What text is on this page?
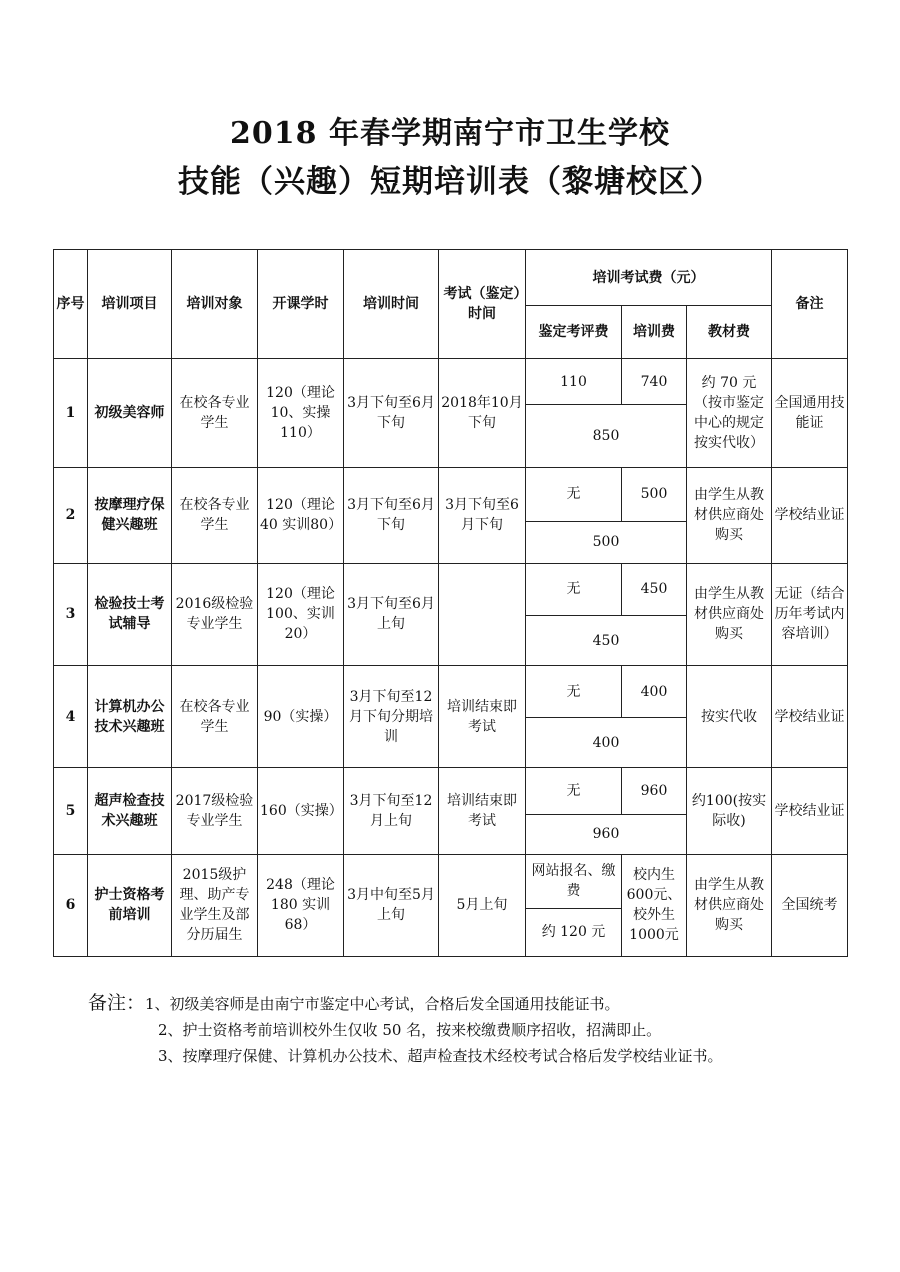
2018 年春学期南宁市卫生学校
技能（兴趣）短期培训表（黎塘校区）
序号	培训项目	培训对象	开课学时	培训时间	考试（鉴定）时间	培训考试费（元）			备注
						鉴定考评费	培训费	教材费	
1	初级美容师	在校各专业学生	120（理论10、实操110）	3月下旬至6月下旬	2018年10月下旬	110	740	约 70 元（按市鉴定中心的规定按实代收）	全国通用技能证
						850			
2	按摩理疗保健兴趣班	在校各专业学生	120（理论40 实训80）	3月下旬至6月下旬	3月下旬至6月下旬	无	500	由学生从教材供应商处购买	学校结业证
						500			
3	检验技士考试辅导	2016级检验专业学生	120（理论100、实训20）	3月下旬至6月上旬		无	450	由学生从教材供应商处购买	无证（结合历年考试内容培训）
						450			
4	计算机办公技术兴趣班	在校各专业学生	90（实操）	3月下旬至12月下旬分期培训	培训结束即考试	无	400	按实代收	学校结业证
						400			
5	超声检查技术兴趣班	2017级检验专业学生	160（实操）	3月下旬至12月上旬	培训结束即考试	无	960	约100(按实际收)	学校结业证
						960			
6	护士资格考前培训	2015级护理、助产专业学生及部分历届生	248（理论180 实训68）	3月中旬至5月上旬	5月上旬	网站报名、缴费	校内生600元、校外生1000元	由学生从教材供应商处购买	全国统考
						约 120 元			
备注：1、初级美容师是由南宁市鉴定中心考试，合格后发全国通用技能证书。
2、护士资格考前培训校外生仅收 50 名，按来校缴费顺序招收，招满即止。
3、按摩理疗保健、计算机办公技术、超声检查技术经校考试合格后发学校结业证书。
